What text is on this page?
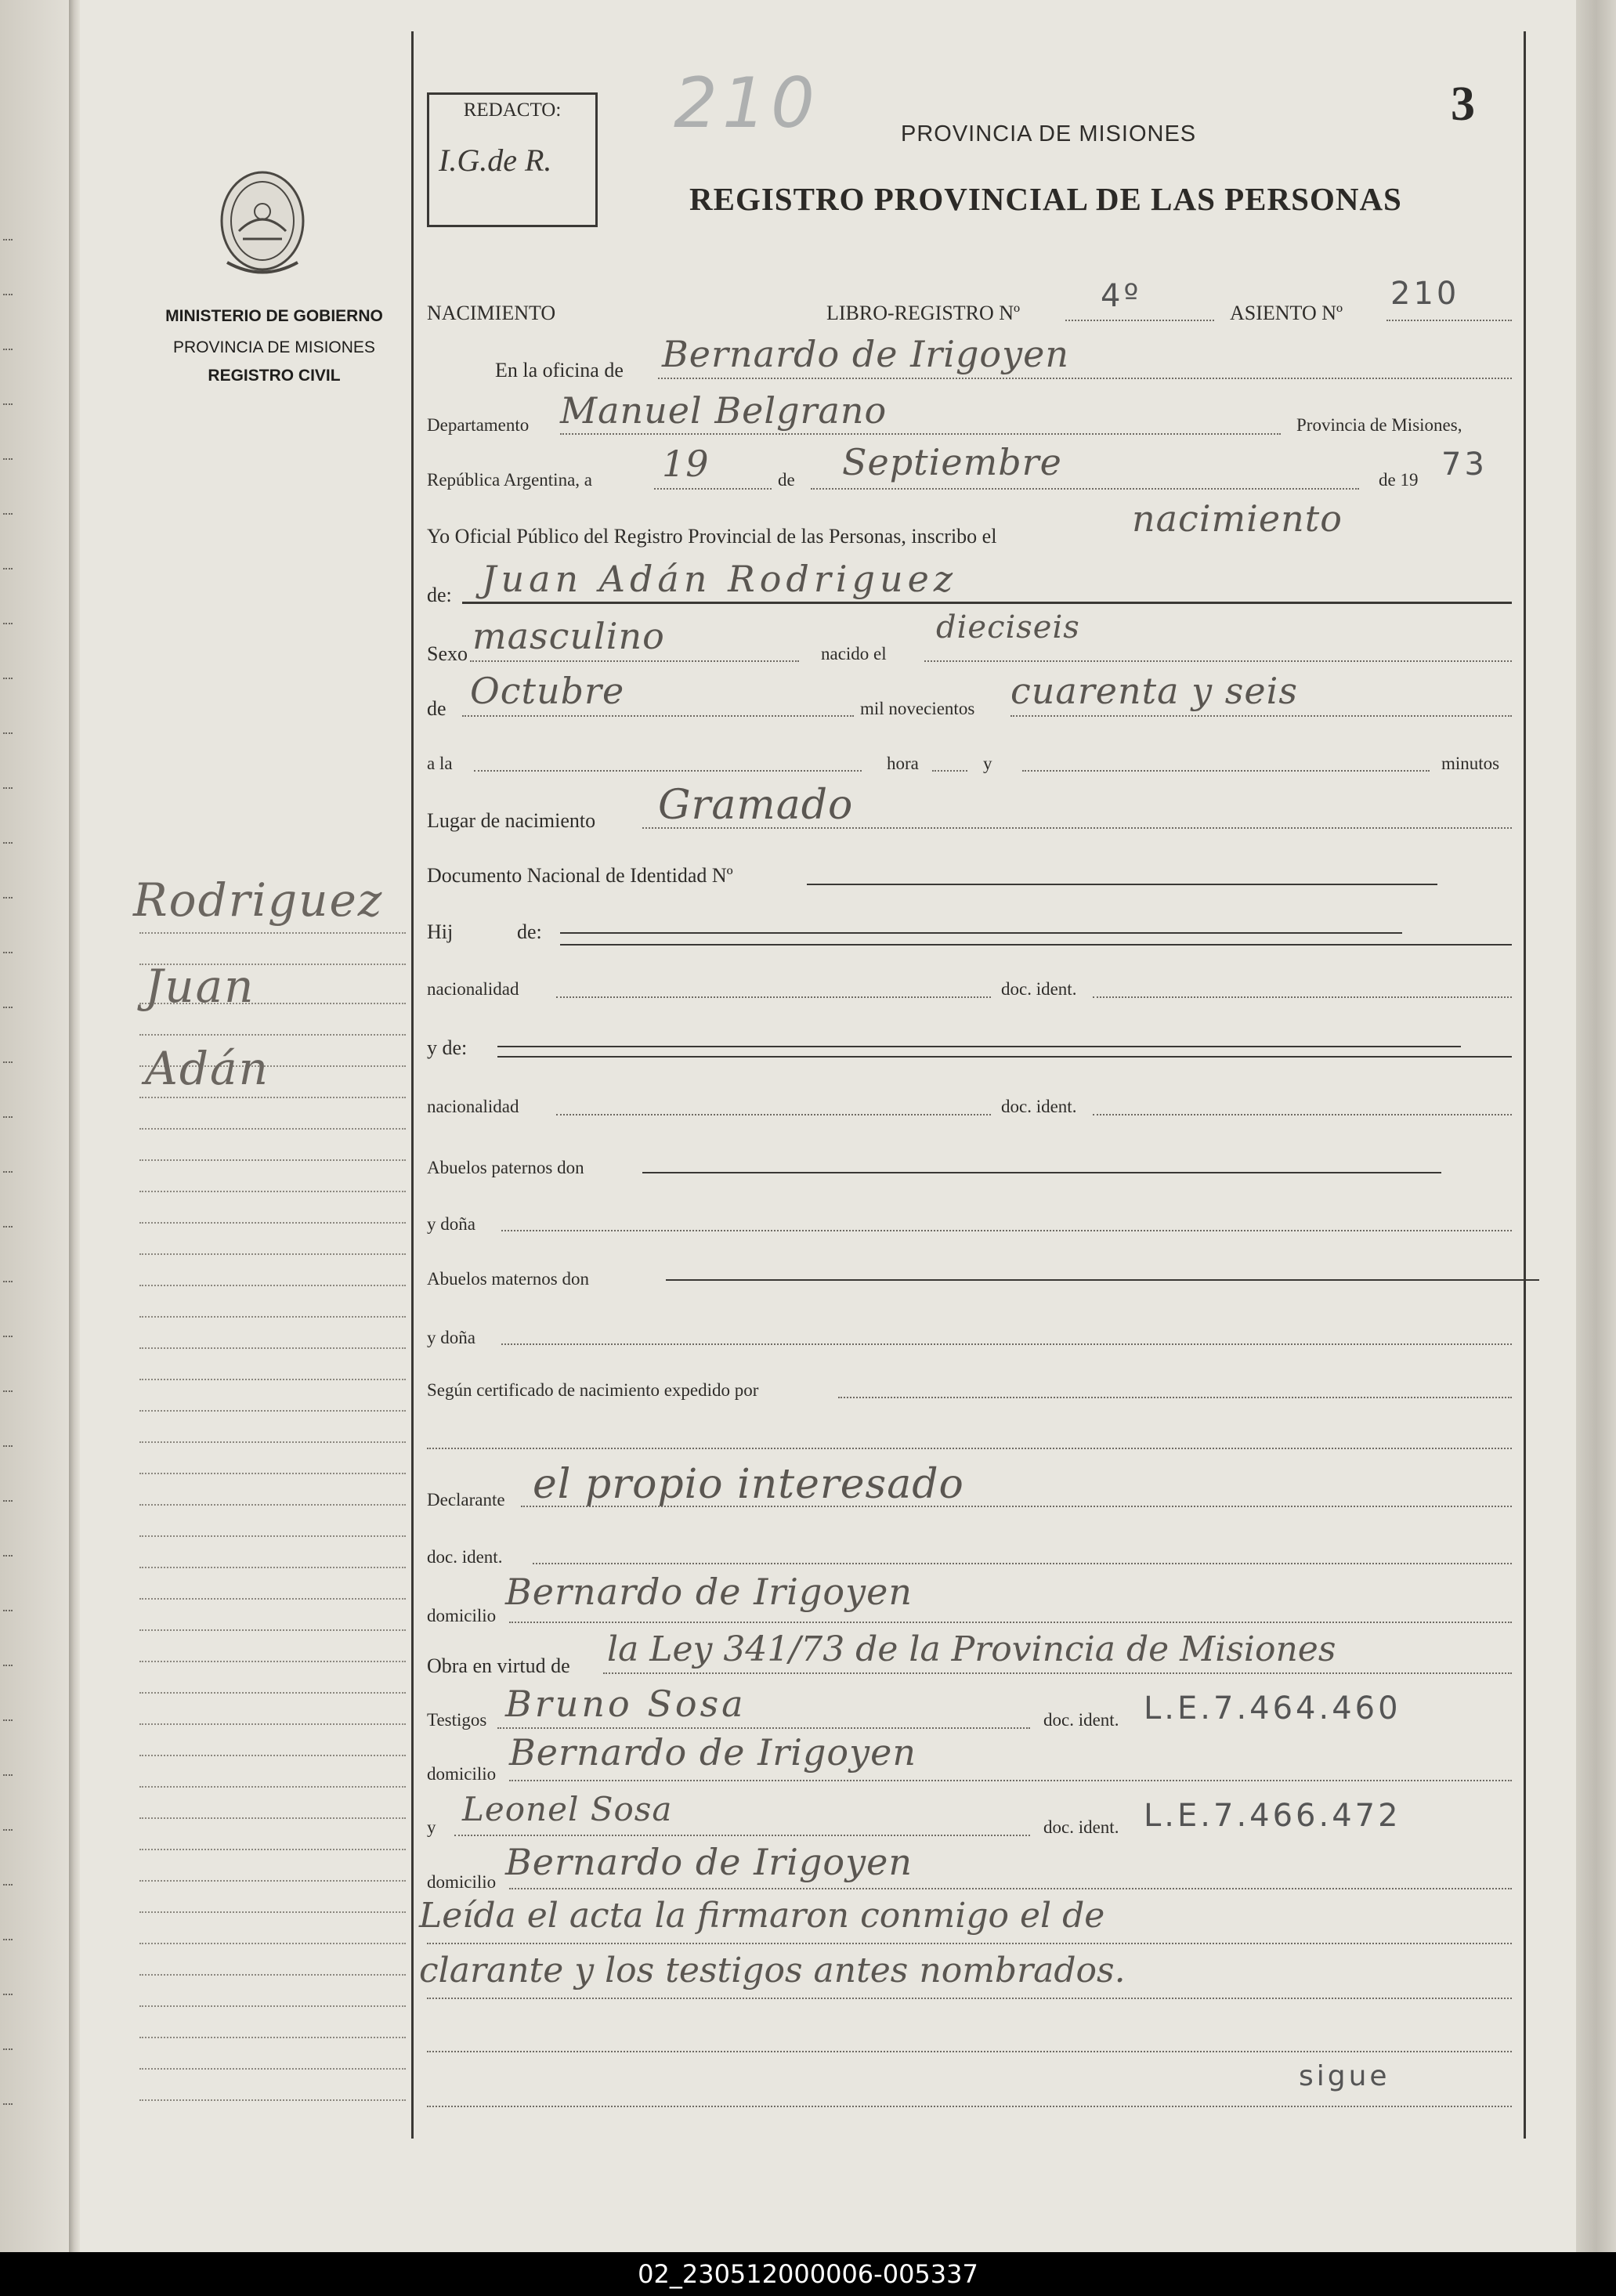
MINISTERIO DE GOBIERNO
PROVINCIA DE MISIONES
REGISTRO CIVIL
Rodriguez
Juan
Adán
REDACTO:
I.G.de R.
210	3
PROVINCIA DE MISIONES
REGISTRO PROVINCIAL DE LAS PERSONAS
NACIMIENTO	LIBRO-REGISTRO Nº	4º	ASIENTO Nº
210
En la oficina de Bernardo de Irigoyen
Departamento Manuel Belgrano	Provincia de Misiones,
República Argentina, a 19	de Septiembre	de 19 73
Yo Oficial Público del Registro Provincial de las Personas, inscribo el	nacimiento
de: Juan Adán Rodriguez
Sexo masculino	nacido el
dieciseis
de Octubre	mil novecientos cuarenta y seis
a la	hora	y	minutos
Lugar de nacimiento Gramado
Documento Nacional de Identidad Nº
Hij	de:
nacionalidad	doc. ident.
y de:
nacionalidad	doc. ident.
Abuelos paternos don
y doña
Abuelos maternos don
y doña
Según certificado de nacimiento expedido por
Declarante el propio interesado
doc. ident.
domicilio
Bernardo de Irigoyen
Obra en virtud de la Ley 341/73 de la Provincia de Misiones
Testigos Bruno Sosa	doc. ident. L.E.7.464.460
domicilio
Bernardo de Irigoyen
y Leonel Sosa	doc. ident. L.E.7.466.472
domicilio Bernardo de Irigoyen
Leída el acta la firmaron conmigo el de
clarante y los testigos antes nombrados.
sigue
02_230512000006-005337
